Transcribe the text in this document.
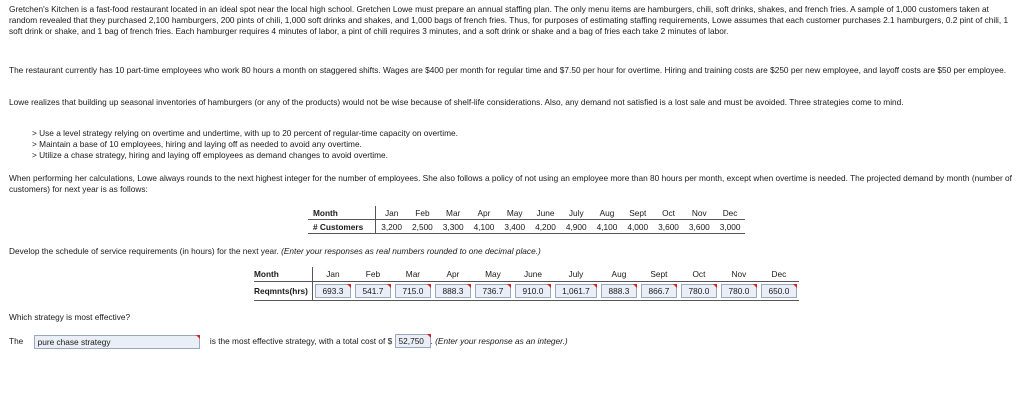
Gretchen's Kitchen is a fast-food restaurant located in an ideal spot near the local high school. Gretchen Lowe must prepare an annual staffing plan. The only menu items are hamburgers, chili, soft drinks, shakes, and french fries. A sample of 1,000 customers taken at random revealed that they purchased 2,100 hamburgers, 200 pints of chili, 1,000 soft drinks and shakes, and 1,000 bags of french fries. Thus, for purposes of estimating staffing requirements, Lowe assumes that each customer purchases 2.1 hamburgers, 0.2 pint of chili, 1 soft drink or shake, and 1 bag of french fries. Each hamburger requires 4 minutes of labor, a pint of chili requires 3 minutes, and a soft drink or shake and a bag of fries each take 2 minutes of labor.
The restaurant currently has 10 part-time employees who work 80 hours a month on staggered shifts. Wages are $400 per month for regular time and $7.50 per hour for overtime. Hiring and training costs are $250 per new employee, and layoff costs are $50 per employee.
Lowe realizes that building up seasonal inventories of hamburgers (or any of the products) would not be wise because of shelf-life considerations. Also, any demand not satisfied is a lost sale and must be avoided. Three strategies come to mind.
> Use a level strategy relying on overtime and undertime, with up to 20 percent of regular-time capacity on overtime.
> Maintain a base of 10 employees, hiring and laying off as needed to avoid any overtime.
> Utilize a chase strategy, hiring and laying off employees as demand changes to avoid overtime.
When performing her calculations, Lowe always rounds to the next highest integer for the number of employees. She also follows a policy of not using an employee more than 80 hours per month, except when overtime is needed. The projected demand by month (number of customers) for next year is as follows:
Month	Jan	Feb	Mar	Apr	May	June	July	Aug	Sept	Oct	Nov	Dec
# Customers	3,200	2,500	3,300	4,100	3,400	4,200	4,900	4,100	4,000	3,600	3,600	3,000
Develop the schedule of service requirements (in hours) for the next year. (Enter your responses as real numbers rounded to one decimal place.)
Month	Jan	Feb	Mar	Apr	May	June	July	Aug	Sept	Oct	Nov	Dec
Reqmnts(hrs)	693.3	541.7	715.0	888.3	736.7	910.0	1,061.7	888.3	866.7	780.0	780.0	650.0
Which strategy is most effective?
The pure chase strategy	is the most effective strategy, with a total cost of $ 52,750 . (Enter your response as an integer.)
